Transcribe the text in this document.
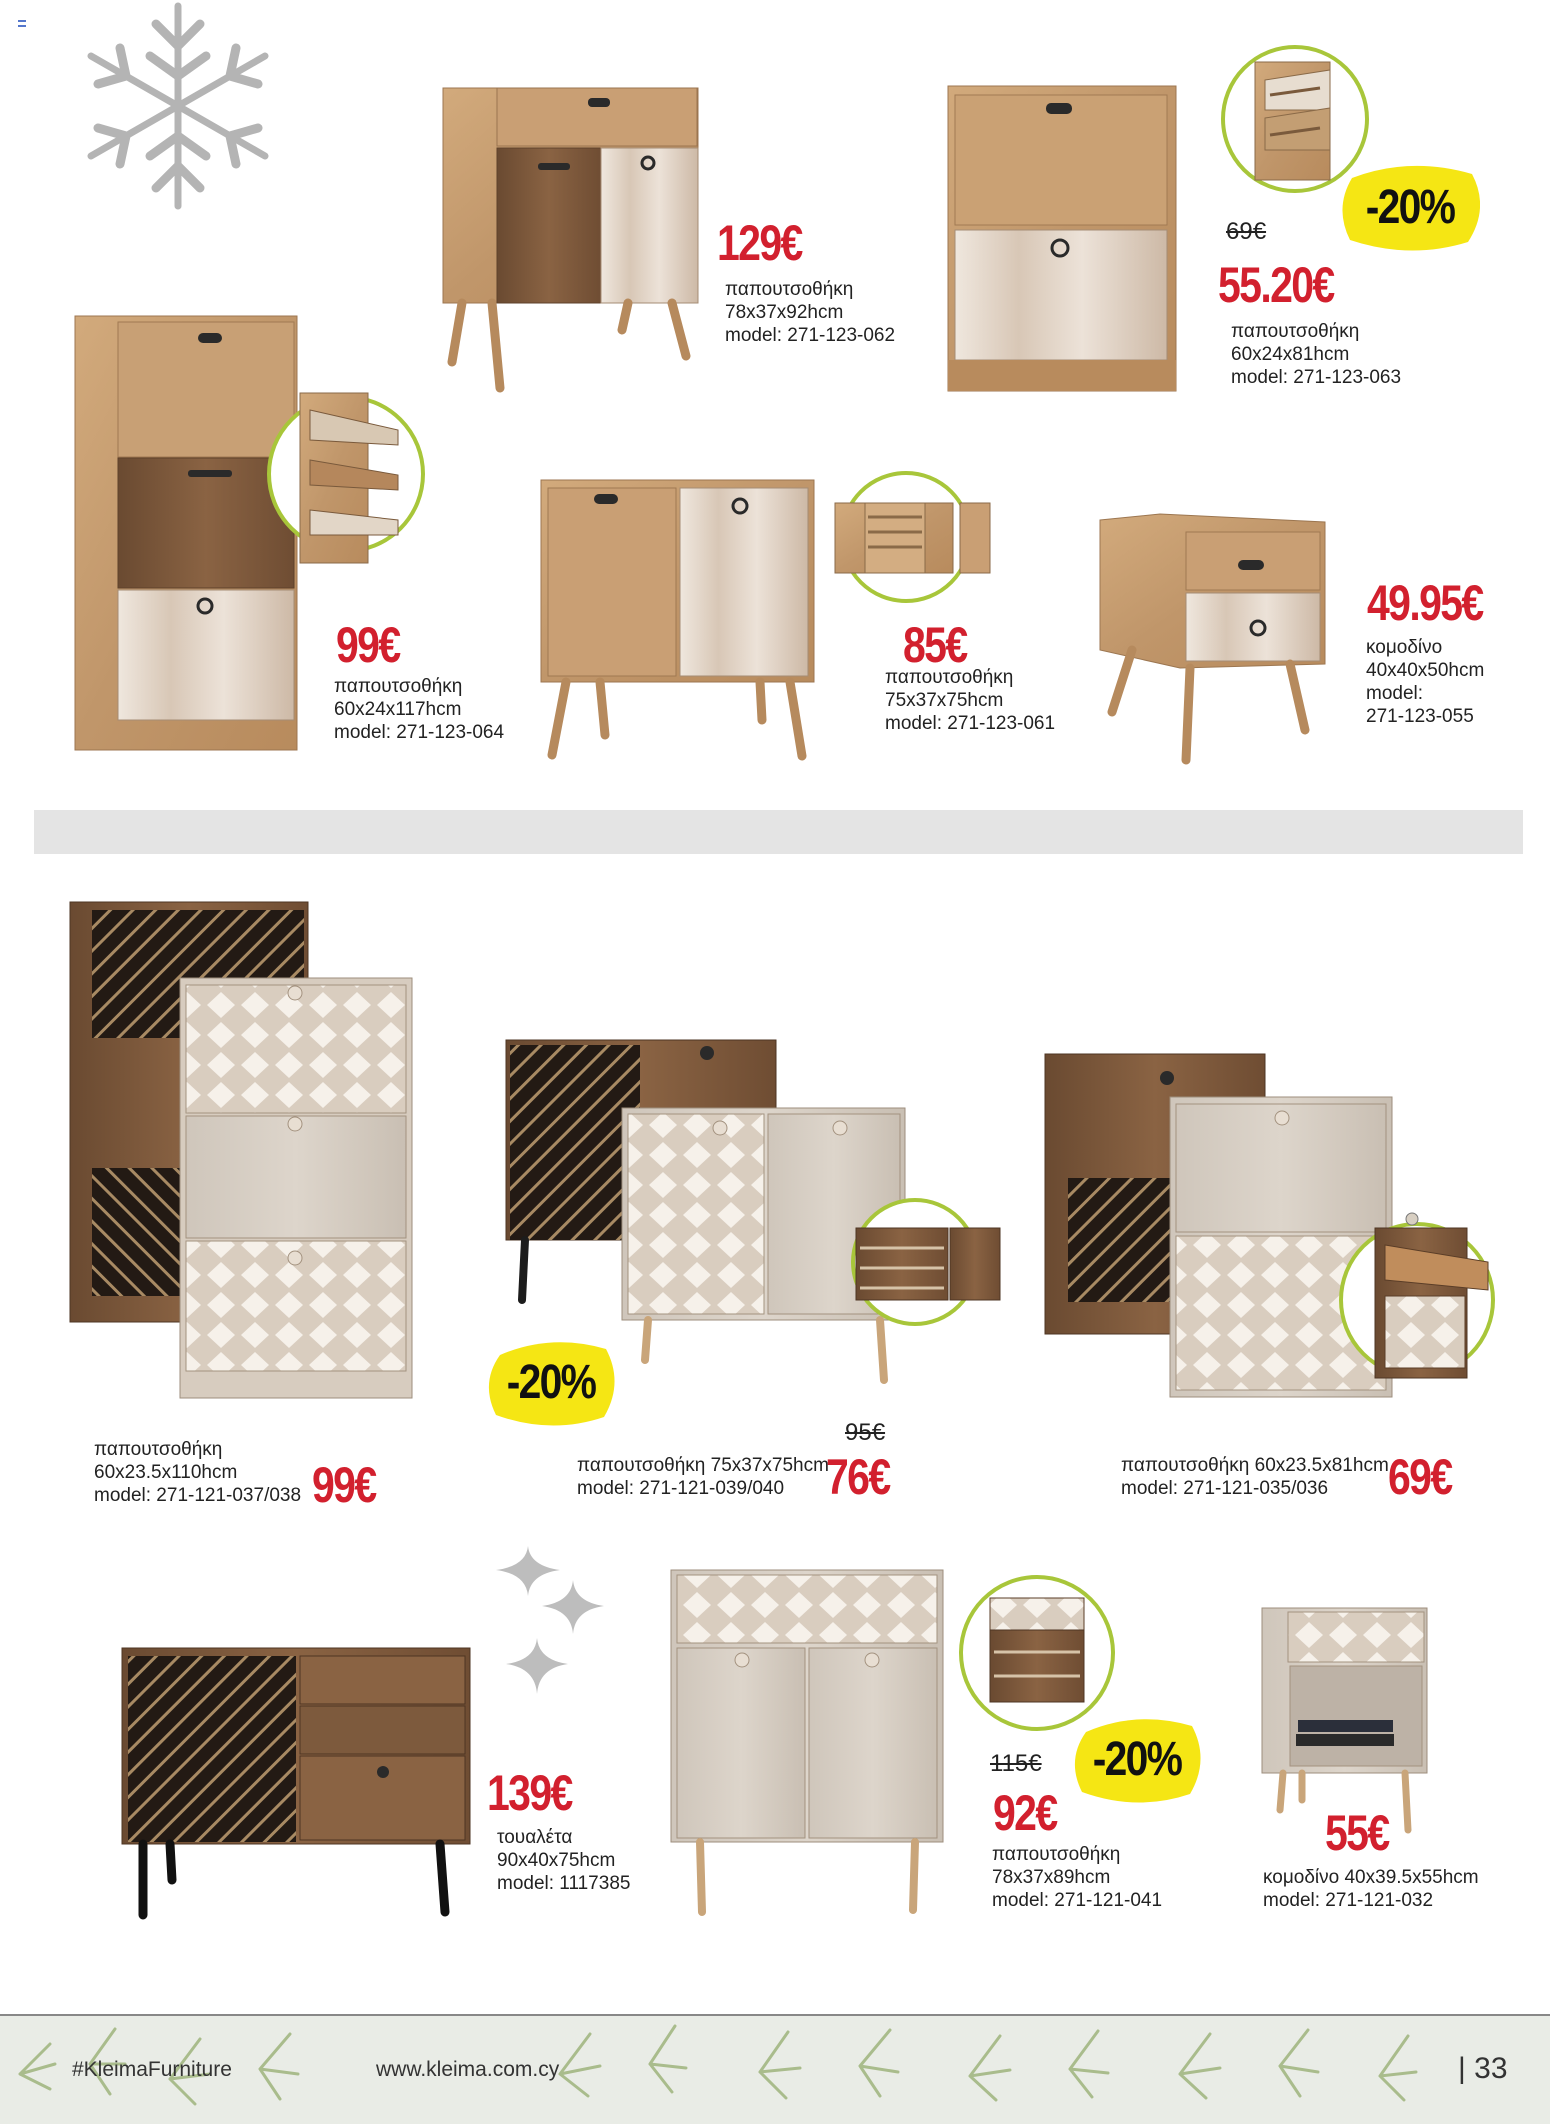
-20%
-20%
-20%
129€
παπουτσοθήκη
78x37x92hcm
model: 271-123-062
69€
55.20€
παπουτσοθήκη
60x24x81hcm
model: 271-123-063
99€
παπουτσοθήκη
60x24x117hcm
model: 271-123-064
85€
παπουτσοθήκη
75x37x75hcm
model: 271-123-061
49.95€
κομοδίνο
40x40x50hcm
model:
271-123-055
παπουτσοθήκη
60x23.5x110hcm
model: 271-121-037/038 99€
95€
παπουτσοθήκη 75x37x75hcm
model: 271-121-039/040 76€	παπουτσοθήκη 60x23.5x81hcm
model: 271-121-035/036	69€
139€
τουαλέτα
90x40x75hcm
model: 1117385
115€
92€
παπουτσοθήκη
78x37x89hcm
model: 271-121-041
55€
κομοδίνο 40x39.5x55hcm
model: 271-121-032
#KleimaFurniture	www.kleima.com.cy	| 33
